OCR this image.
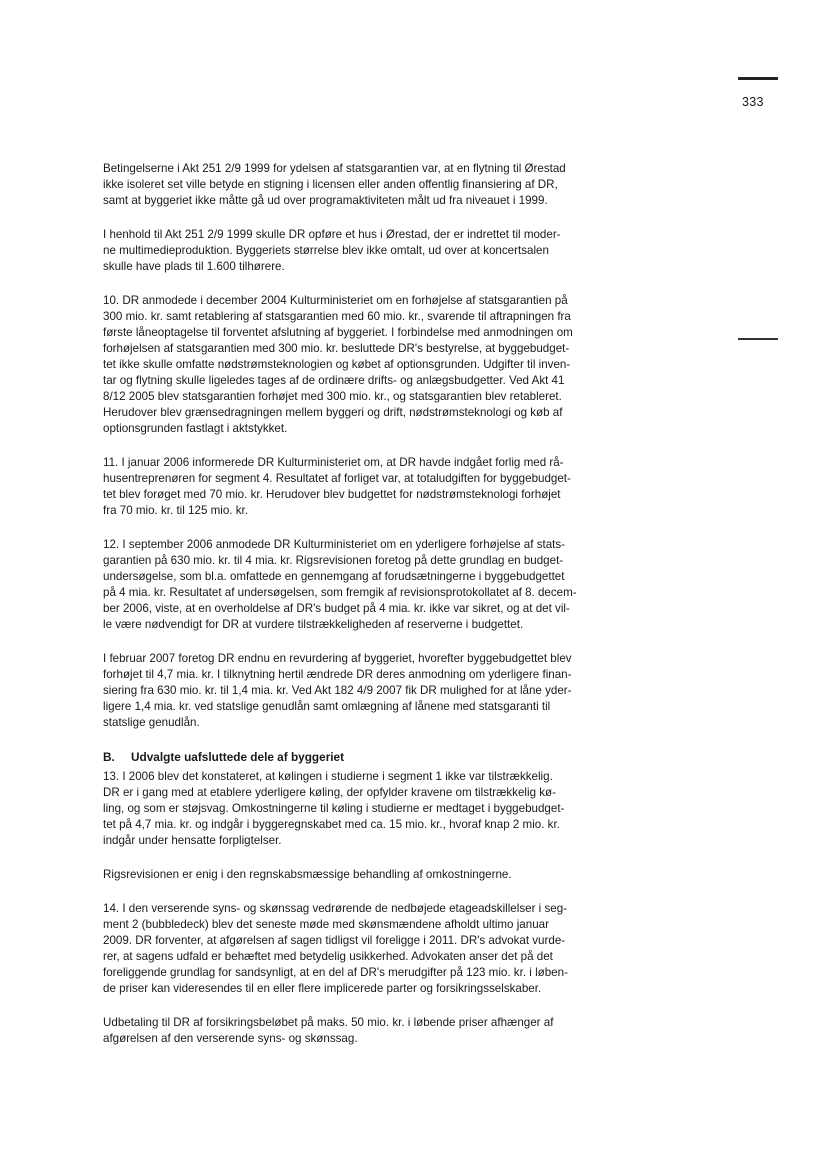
333

Betingelserne i Akt 251 2/9 1999 for ydelsen af statsgarantien var, at en flytning til Ørestad
ikke isoleret set ville betyde en stigning i licensen eller anden offentlig finansiering af DR,
samt at byggeriet ikke måtte gå ud over programaktiviteten målt ud fra niveauet i 1999.

I henhold til Akt 251 2/9 1999 skulle DR opføre et hus i Ørestad, der er indrettet til moder-
ne multimedieproduktion. Byggeriets størrelse blev ikke omtalt, ud over at koncertsalen
skulle have plads til 1.600 tilhørere.

10. DR anmodede i december 2004 Kulturministeriet om en forhøjelse af statsgarantien på
300 mio. kr. samt retablering af statsgarantien med 60 mio. kr., svarende til aftrapningen fra
første låneoptagelse til forventet afslutning af byggeriet. I forbindelse med anmodningen om
forhøjelsen af statsgarantien med 300 mio. kr. besluttede DR's bestyrelse, at byggebudget-
tet ikke skulle omfatte nødstrømsteknologien og købet af optionsgrunden. Udgifter til inven-
tar og flytning skulle ligeledes tages af de ordinære drifts- og anlægsbudgetter. Ved Akt 41
8/12 2005 blev statsgarantien forhøjet med 300 mio. kr., og statsgarantien blev retableret.
Herudover blev grænsedragningen mellem byggeri og drift, nødstrømsteknologi og køb af
optionsgrunden fastlagt i aktstykket.

11. I januar 2006 informerede DR Kulturministeriet om, at DR havde indgået forlig med rå-
husentreprenøren for segment 4. Resultatet af forliget var, at totaludgiften for byggebudget-
tet blev forøget med 70 mio. kr. Herudover blev budgettet for nødstrømsteknologi forhøjet
fra 70 mio. kr. til 125 mio. kr.

12. I september 2006 anmodede DR Kulturministeriet om en yderligere forhøjelse af stats-
garantien på 630 mio. kr. til 4 mia. kr. Rigsrevisionen foretog på dette grundlag en budget-
undersøgelse, som bl.a. omfattede en gennemgang af forudsætningerne i byggebudgettet
på 4 mia. kr. Resultatet af undersøgelsen, som fremgik af revisionsprotokollatet af 8. decem-
ber 2006, viste, at en overholdelse af DR's budget på 4 mia. kr. ikke var sikret, og at det vil-
le være nødvendigt for DR at vurdere tilstrækkeligheden af reserverne i budgettet.

I februar 2007 foretog DR endnu en revurdering af byggeriet, hvorefter byggebudgettet blev
forhøjet til 4,7 mia. kr. I tilknytning hertil ændrede DR deres anmodning om yderligere finan-
siering fra 630 mio. kr. til 1,4 mia. kr. Ved Akt 182 4/9 2007 fik DR mulighed for at låne yder-
ligere 1,4 mia. kr. ved statslige genudlån samt omlægning af lånene med statsgaranti til
statslige genudlån.

B.	Udvalgte uafsluttede dele af byggeriet

13. I 2006 blev det konstateret, at kølingen i studierne i segment 1 ikke var tilstrækkelig.
DR er i gang med at etablere yderligere køling, der opfylder kravene om tilstrækkelig kø-
ling, og som er støjsvag. Omkostningerne til køling i studierne er medtaget i byggebudget-
tet på 4,7 mia. kr. og indgår i byggeregnskabet med ca. 15 mio. kr., hvoraf knap 2 mio. kr.
indgår under hensatte forpligtelser.

Rigsrevisionen er enig i den regnskabsmæssige behandling af omkostningerne.

14. I den verserende syns- og skønssag vedrørende de nedbøjede etageadskillelser i seg-
ment 2 (bubbledeck) blev det seneste møde med skønsmændene afholdt ultimo januar
2009. DR forventer, at afgørelsen af sagen tidligst vil foreligge i 2011. DR's advokat vurde-
rer, at sagens udfald er behæftet med betydelig usikkerhed. Advokaten anser det på det
foreliggende grundlag for sandsynligt, at en del af DR's merudgifter på 123 mio. kr. i løben-
de priser kan videresendes til en eller flere implicerede parter og forsikringsselskaber.

Udbetaling til DR af forsikringsbeløbet på maks. 50 mio. kr. i løbende priser afhænger af
afgørelsen af den verserende syns- og skønssag.
